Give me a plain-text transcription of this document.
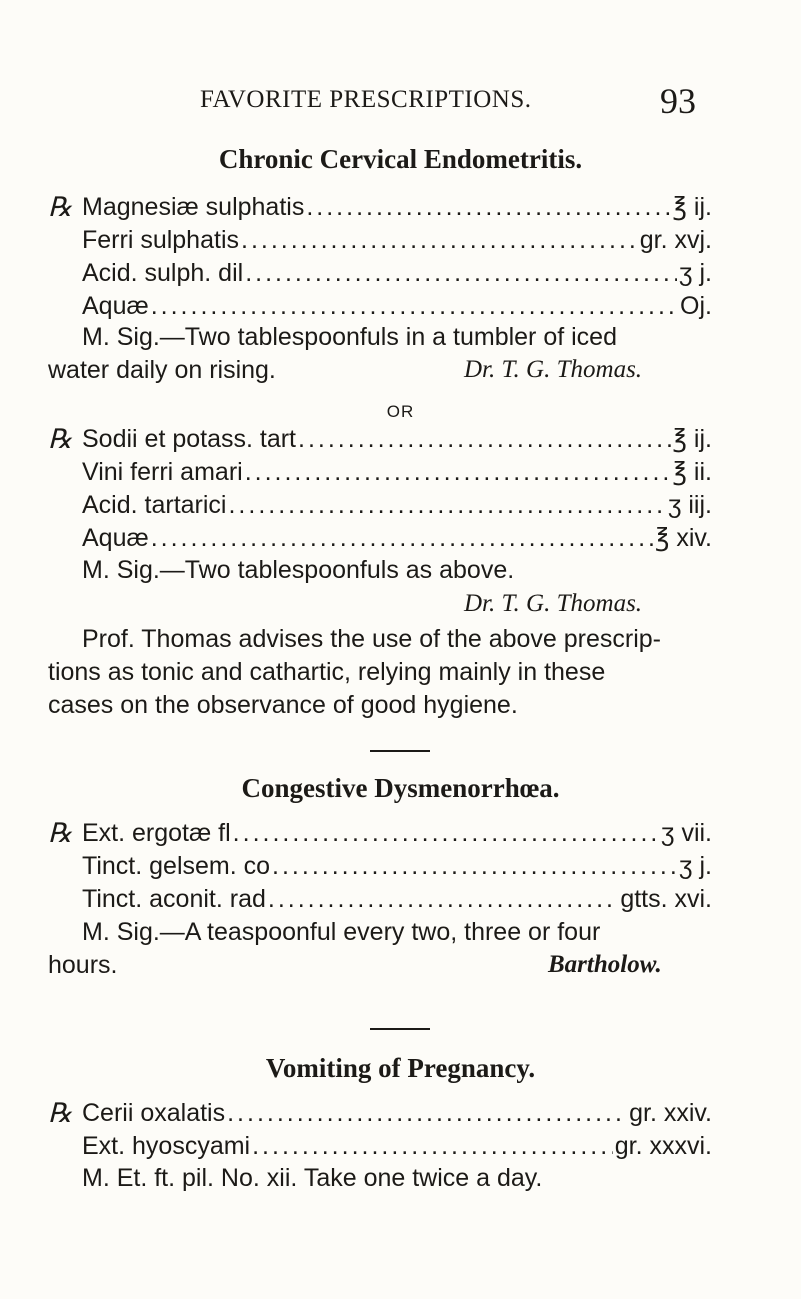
FAVORITE PRESCRIPTIONS.	93
Chronic Cervical Endometritis.
℞ Magnesiæ sulphatis .....	℥ ij.
Ferri sulphatis .....	gr. xvj.
Acid. sulph. dil .....	ʒ j.
Aquæ .....	Oj.
M. Sig.—Two tablespoonfuls in a tumbler of iced
water daily on rising.	Dr. T. G. Thomas.
OR
℞ Sodii et potass. tart .....	℥ ij.
Vini ferri amari .....	℥ ii.
Acid. tartarici .....	ʒ iij.
Aquæ .....	℥ xiv.
M. Sig.—Two tablespoonfuls as above.
Dr. T. G. Thomas.
Prof. Thomas advises the use of the above prescrip-
tions as tonic and cathartic, relying mainly in these
cases on the observance of good hygiene.
Congestive Dysmenorrhœa.
℞ Ext. ergotæ fl .....	ʒ vii.
Tinct. gelsem. co .....	ʒ j.
Tinct. aconit. rad .....	gtts. xvi.
M. Sig.—A teaspoonful every two, three or four
hours.	Bartholow.
Vomiting of Pregnancy.
℞ Cerii oxalatis .....	gr. xxiv.
Ext. hyoscyami .....	gr. xxxvi.
M. Et. ft. pil. No. xii. Take one twice a day.
